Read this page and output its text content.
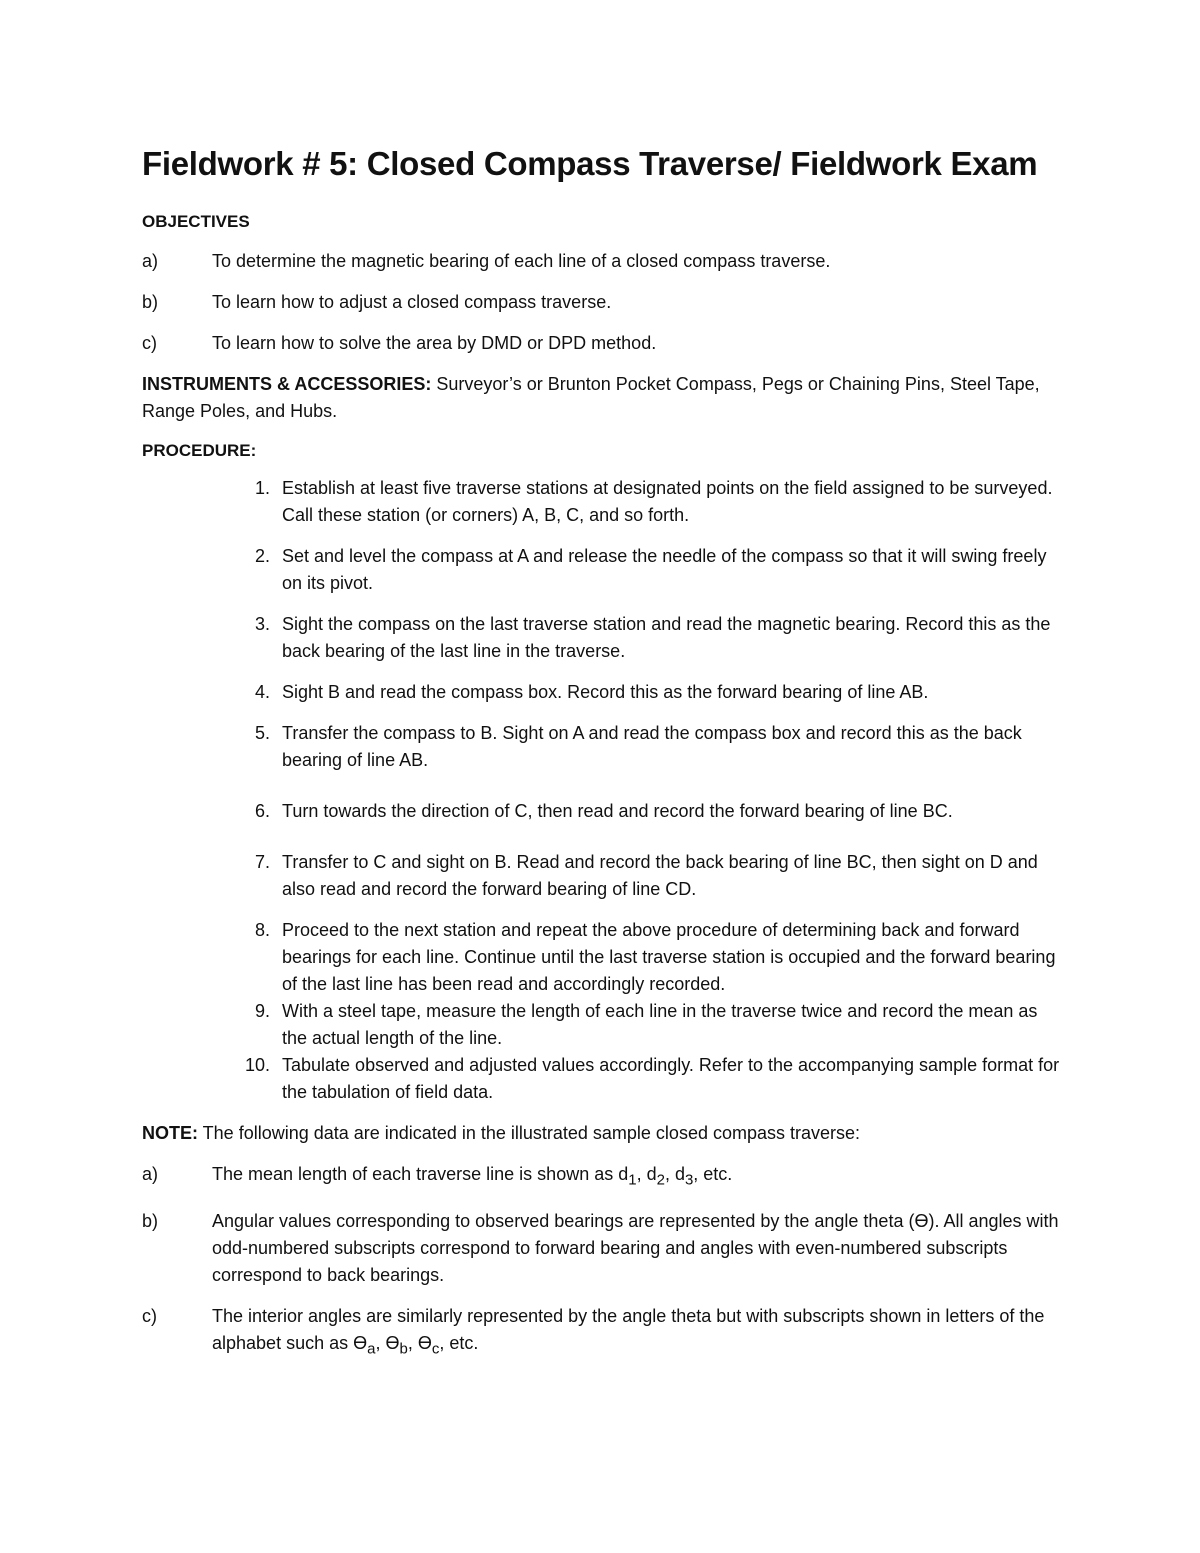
Fieldwork # 5: Closed Compass Traverse/ Fieldwork Exam
OBJECTIVES
a)	To determine the magnetic bearing of each line of a closed compass traverse.
b)	To learn how to adjust a closed compass traverse.
c)	To learn how to solve the area by DMD or DPD method.
INSTRUMENTS & ACCESSORIES: Surveyor’s or Brunton Pocket Compass, Pegs or Chaining Pins, Steel Tape, Range Poles, and Hubs.
PROCEDURE:
1. Establish at least five traverse stations at designated points on the field assigned to be surveyed. Call these station (or corners) A, B, C, and so forth.
2. Set and level the compass at A and release the needle of the compass so that it will swing freely on its pivot.
3. Sight the compass on the last traverse station and read the magnetic bearing. Record this as the back bearing of the last line in the traverse.
4. Sight B and read the compass box. Record this as the forward bearing of line AB.
5. Transfer the compass to B. Sight on A and read the compass box and record this as the back bearing of line AB.
6. Turn towards the direction of C, then read and record the forward bearing of line BC.
7. Transfer to C and sight on B. Read and record the back bearing of line BC, then sight on D and also read and record the forward bearing of line CD.
8. Proceed to the next station and repeat the above procedure of determining back and forward bearings for each line. Continue until the last traverse station is occupied and the forward bearing of the last line has been read and accordingly recorded.
9. With a steel tape, measure the length of each line in the traverse twice and record the mean as the actual length of the line.
10. Tabulate observed and adjusted values accordingly. Refer to the accompanying sample format for the tabulation of field data.
NOTE: The following data are indicated in the illustrated sample closed compass traverse:
a)	The mean length of each traverse line is shown as $d_1$, $d_2$, $d_3$, etc.
b)	Angular values corresponding to observed bearings are represented by the angle theta (ϴ). All angles with odd-numbered subscripts correspond to forward bearing and angles with even-numbered subscripts correspond to back bearings.
c)	The interior angles are similarly represented by the angle theta but with subscripts shown in letters of the alphabet such as $ϴ_a$, $ϴ_b$, $ϴ_c$, etc.
